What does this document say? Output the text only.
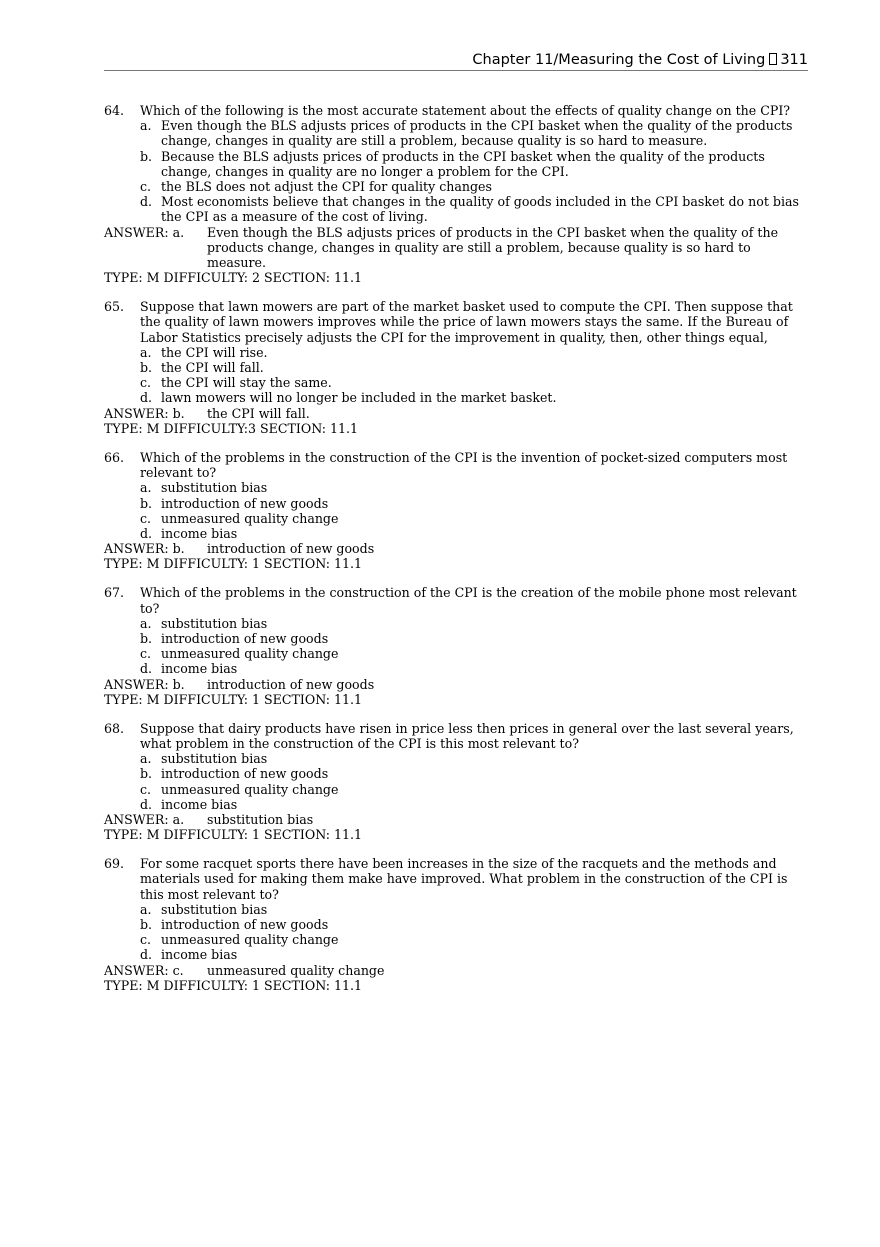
Chapter 11/Measuring the Cost of Living 311
64. Which of the following is the most accurate statement about the effects of quality change on the CPI?
a. Even though the BLS adjusts prices of products in the CPI basket when the quality of the products change, changes in quality are still a problem, because quality is so hard to measure.
b. Because the BLS adjusts prices of products in the CPI basket when the quality of the products change, changes in quality are no longer a problem for the CPI.
c. the BLS does not adjust the CPI for quality changes
d. Most economists believe that changes in the quality of goods included in the CPI basket do not bias the CPI as a measure of the cost of living.
ANSWER: a. Even though the BLS adjusts prices of products in the CPI basket when the quality of the products change, changes in quality are still a problem, because quality is so hard to measure.
TYPE: M DIFFICULTY: 2 SECTION: 11.1
65. Suppose that lawn mowers are part of the market basket used to compute the CPI. Then suppose that the quality of lawn mowers improves while the price of lawn mowers stays the same. If the Bureau of Labor Statistics precisely adjusts the CPI for the improvement in quality, then, other things equal,
a. the CPI will rise.
b. the CPI will fall.
c. the CPI will stay the same.
d. lawn mowers will no longer be included in the market basket.
ANSWER: b. the CPI will fall.
TYPE: M DIFFICULTY:3 SECTION: 11.1
66. Which of the problems in the construction of the CPI is the invention of pocket-sized computers most relevant to?
a. substitution bias
b. introduction of new goods
c. unmeasured quality change
d. income bias
ANSWER: b. introduction of new goods
TYPE: M DIFFICULTY: 1 SECTION: 11.1
67. Which of the problems in the construction of the CPI is the creation of the mobile phone most relevant to?
a. substitution bias
b. introduction of new goods
c. unmeasured quality change
d. income bias
ANSWER: b. introduction of new goods
TYPE: M DIFFICULTY: 1 SECTION: 11.1
68. Suppose that dairy products have risen in price less then prices in general over the last several years, what problem in the construction of the CPI is this most relevant to?
a. substitution bias
b. introduction of new goods
c. unmeasured quality change
d. income bias
ANSWER: a. substitution bias
TYPE: M DIFFICULTY: 1 SECTION: 11.1
69. For some racquet sports there have been increases in the size of the racquets and the methods and materials used for making them make have improved. What problem in the construction of the CPI is this most relevant to?
a. substitution bias
b. introduction of new goods
c. unmeasured quality change
d. income bias
ANSWER: c. unmeasured quality change
TYPE: M DIFFICULTY: 1 SECTION: 11.1
